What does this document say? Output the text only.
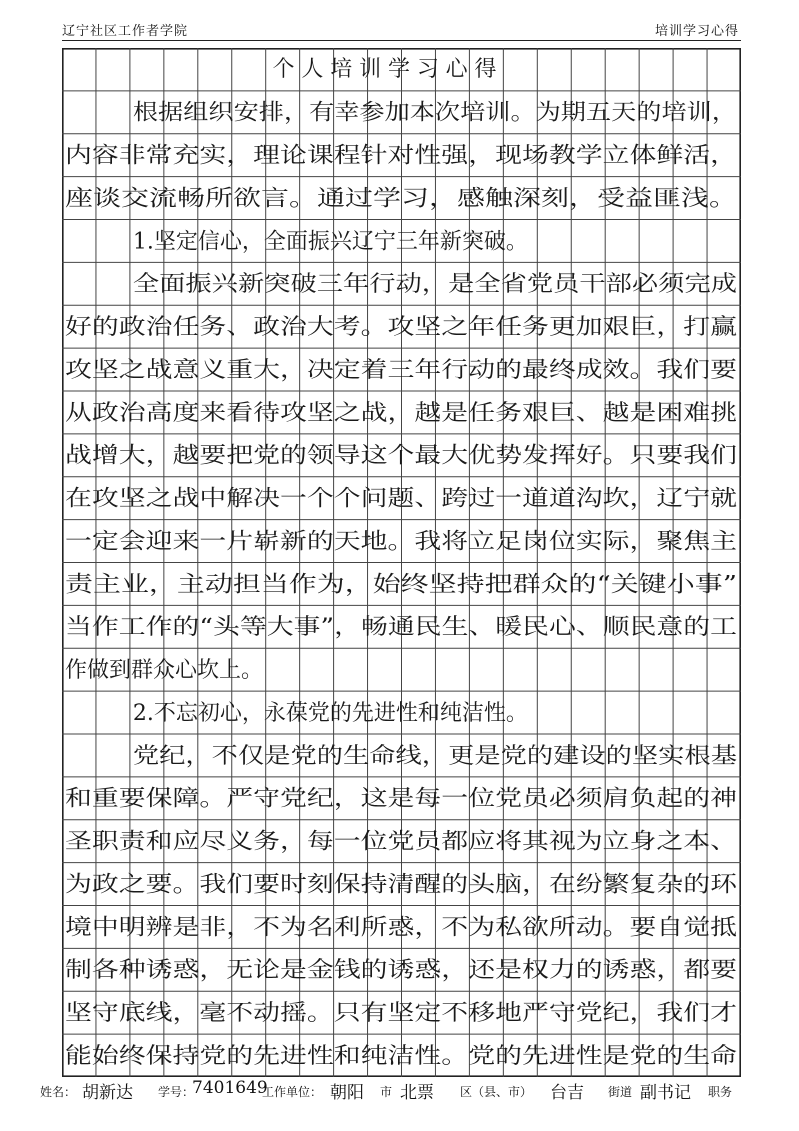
辽宁社区工作者学院	培训学习心得
个人培训学习心得
根据组织安排，有幸参加本次培训。为期五天的培训，
内容非常充实，理论课程针对性强，现场教学立体鲜活，
座谈交流畅所欲言。通过学习，感触深刻，受益匪浅。
1.坚定信心，全面振兴辽宁三年新突破。
全面振兴新突破三年行动，是全省党员干部必须完成
好的政治任务、政治大考。攻坚之年任务更加艰巨，打赢
攻坚之战意义重大，决定着三年行动的最终成效。我们要
从政治高度来看待攻坚之战，越是任务艰巨、越是困难挑
战增大，越要把党的领导这个最大优势发挥好。只要我们
在攻坚之战中解决一个个问题、跨过一道道沟坎，辽宁就
一定会迎来一片崭新的天地。我将立足岗位实际，聚焦主
责主业，主动担当作为，始终坚持把群众的“关键小事”
当作工作的“头等大事”，畅通民生、暖民心、顺民意的工
作做到群众心坎上。
2.不忘初心，永葆党的先进性和纯洁性。
党纪，不仅是党的生命线，更是党的建设的坚实根基
和重要保障。严守党纪，这是每一位党员必须肩负起的神
圣职责和应尽义务，每一位党员都应将其视为立身之本、
为政之要。我们要时刻保持清醒的头脑，在纷繁复杂的环
境中明辨是非，不为名利所惑，不为私欲所动。要自觉抵
制各种诱惑，无论是金钱的诱惑，还是权力的诱惑，都要
坚守底线，毫不动摇。只有坚定不移地严守党纪，我们才
能始终保持党的先进性和纯洁性。党的先进性是党的生命
姓名： 胡新达 学号：
7401649
工作单位： 朝阳 市 北票 区（县、市） 台吉 街道 副书记 职务
